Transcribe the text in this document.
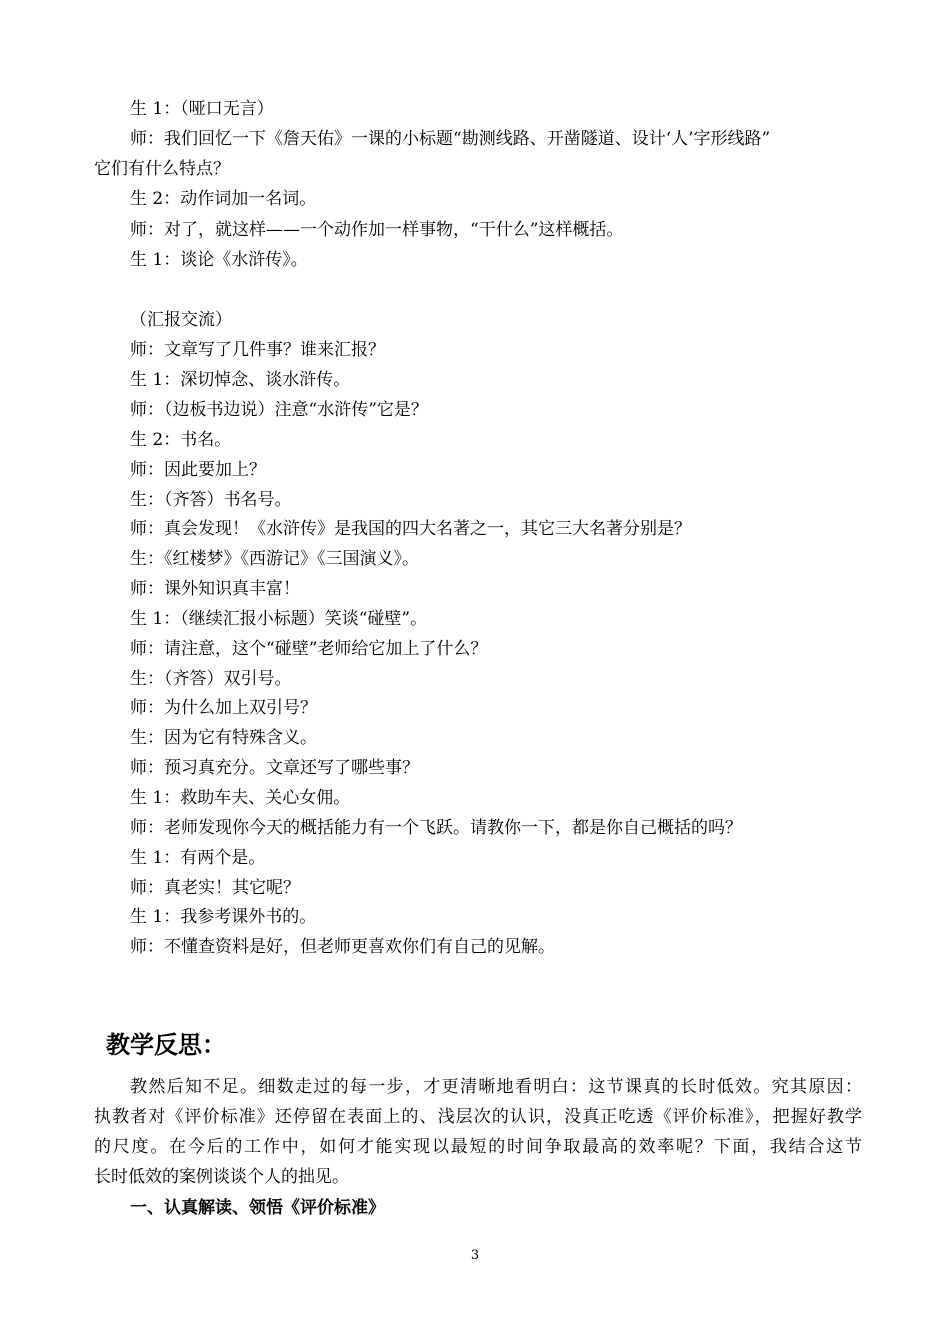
生 1：（哑口无言）
师：我们回忆一下《詹天佑》一课的小标题“勘测线路、开凿隧道、设计‘人’字形线路”
它们有什么特点？
生 2：动作词加一名词。
师：对了，就这样——一个动作加一样事物，“干什么”这样概括。
生 1：谈论《水浒传》。
（汇报交流）
师：文章写了几件事？谁来汇报？
生 1：深切悼念、谈水浒传。
师：（边板书边说）注意“水浒传”它是？
生 2：书名。
师：因此要加上？
生：（齐答）书名号。
师：真会发现！《水浒传》是我国的四大名著之一，其它三大名著分别是？
生：《红楼梦》《西游记》《三国演义》。
师：课外知识真丰富！
生 1：（继续汇报小标题）笑谈“碰壁”。
师：请注意，这个“碰壁”老师给它加上了什么？
生：（齐答）双引号。
师：为什么加上双引号？
生：因为它有特殊含义。
师：预习真充分。文章还写了哪些事？
生 1：救助车夫、关心女佣。
师：老师发现你今天的概括能力有一个飞跃。请教你一下，都是你自己概括的吗？
生 1：有两个是。
师：真老实！其它呢？
生 1：我参考课外书的。
师：不懂查资料是好，但老师更喜欢你们有自己的见解。
教学反思：
教然后知不足。细数走过的每一步，才更清晰地看明白：这节课真的长时低效。究其原因：
执教者对《评价标准》还停留在表面上的、浅层次的认识，没真正吃透《评价标准》，把握好教学
的尺度。在今后的工作中，如何才能实现以最短的时间争取最高的效率呢？下面，我结合这节
长时低效的案例谈谈个人的拙见。
一、认真解读、领悟《评价标准》
3
